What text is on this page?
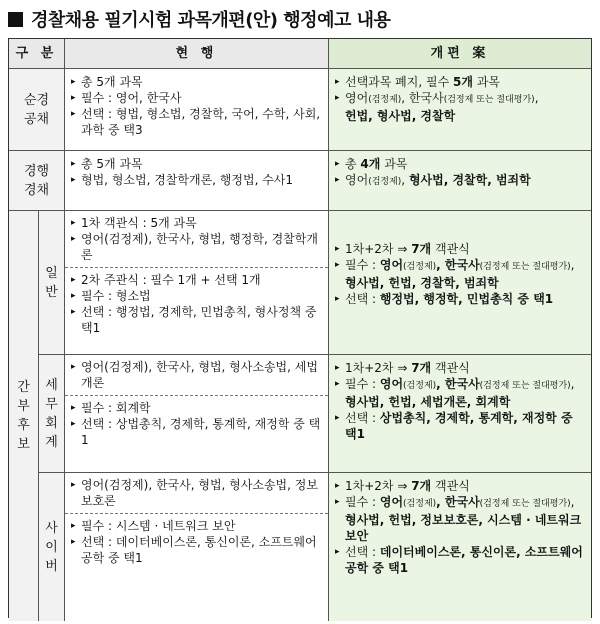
경찰채용 필기시험 과목개편(안) 행정예고 내용
구 분	현 행	개편 案
순경
공채
▸ 총 5개 과목
▸ 필수 : 영어, 한국사
▸ 선택 : 형법, 형소법, 경찰학, 국어, 수학, 사회, 과학 중 택3
▸ 선택과목 폐지, 필수 5개 과목
▸ 영어(검정제), 한국사(검정제 또는 절대평가),
헌법, 형사법, 경찰학
경행
경채
▸ 총 5개 과목
▸ 형법, 형소법, 경찰학개론, 행정법, 수사1
▸ 총 4개 과목
▸ 영어(검정제), 형사법, 경찰학, 범죄학
간
부
후
보
일
반
▸ 1차 객관식 : 5개 과목
▸ 영어(검정제), 한국사, 형법, 행정학, 경찰학개론
▸ 2차 주관식 : 필수 1개 + 선택 1개
▸ 필수 : 형소법
▸ 선택 : 행정법, 경제학, 민법총칙, 형사정책 중 택1
▸ 1차+2차 ⇒ 7개 객관식
▸ 필수 : 영어(검정제), 한국사(검정제 또는 절대평가),
형사법, 헌법, 경찰학, 범죄학
▸ 선택 : 행정법, 행정학, 민법총칙 중 택1
세
무
회
계
▸ 영어(검정제), 한국사, 형법, 형사소송법, 세법개론
▸ 필수 : 회계학
▸ 선택 : 상법총칙, 경제학, 통계학, 재정학 중 택1
▸ 1차+2차 ⇒ 7개 객관식
▸ 필수 : 영어(검정제), 한국사(검정제 또는 절대평가),
형사법, 헌법, 세법개론, 회계학
▸ 선택 : 상법총칙, 경제학, 통계학, 재정학 중 택1
사
이
버
▸ 영어(검정제), 한국사, 형법, 형사소송법, 정보보호론
▸ 필수 : 시스템 · 네트워크 보안
▸ 선택 : 데이터베이스론, 통신이론, 소프트웨어공학 중 택1
▸ 1차+2차 ⇒ 7개 객관식
▸ 필수 : 영어(검정제), 한국사(검정제 또는 절대평가),
형사법, 헌법, 정보보호론, 시스템 · 네트워크 보안
▸ 선택 : 데이터베이스론, 통신이론, 소프트웨어공학 중 택1
